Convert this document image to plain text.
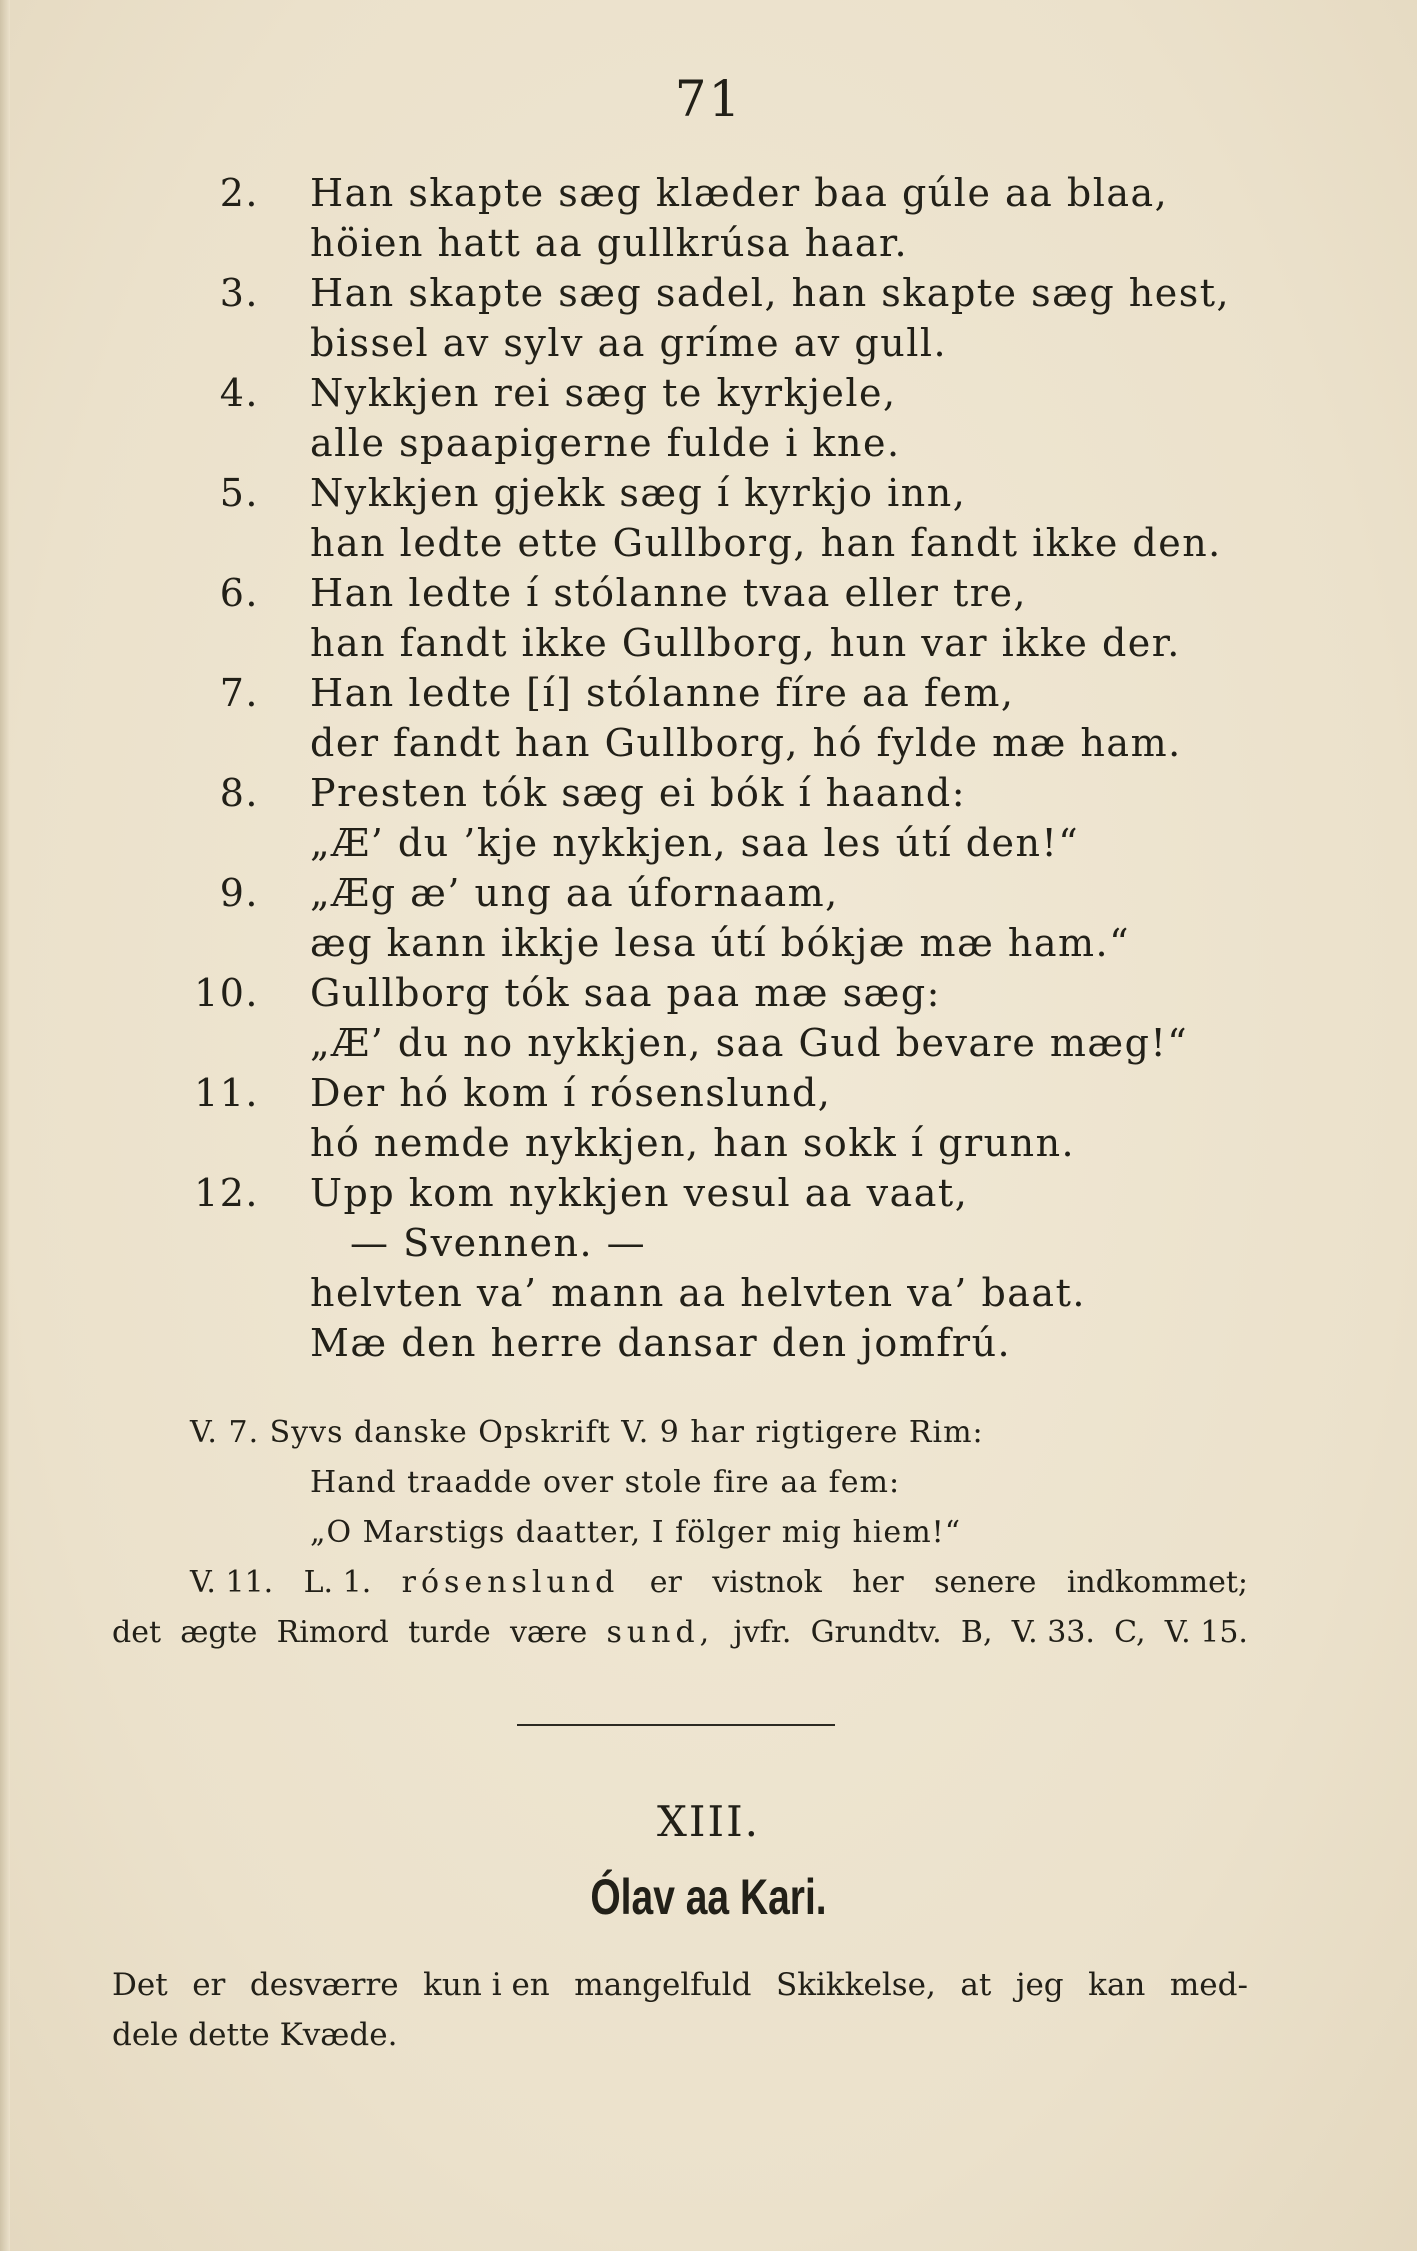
71
2. Han skapte sæg klæder baa gúle aa blaa,
höien hatt aa gullkrúsa haar.
3. Han skapte sæg sadel, han skapte sæg hest,
bissel av sylv aa gríme av gull.
4. Nykkjen rei sæg te kyrkjele,
alle spaapigerne fulde i kne.
5. Nykkjen gjekk sæg í kyrkjo inn,
han ledte ette Gullborg, han fandt ikke den.
6. Han ledte í stólanne tvaa eller tre,
han fandt ikke Gullborg, hun var ikke der.
7. Han ledte [í] stólanne fíre aa fem,
der fandt han Gullborg, hó fylde mæ ham.
8. Presten tók sæg ei bók í haand:
„Æ’ du ’kje nykkjen, saa les útí den!“
9. „Æg æ’ ung aa úfornaam,
æg kann ikkje lesa útí bókjæ mæ ham.“
10. Gullborg tók saa paa mæ sæg:
„Æ’ du no nykkjen, saa Gud bevare mæg!“
11. Der hó kom í rósenslund,
hó nemde nykkjen, han sokk í grunn.
12. Upp kom nykkjen vesul aa vaat,
— Svennen. —
helvten va’ mann aa helvten va’ baat.
Mæ den herre dansar den jomfrú.
V. 7. Syvs danske Opskrift V. 9 har rigtigere Rim:
Hand traadde over stole fire aa fem:
„O Marstigs daatter, I fölger mig hiem!“
V. 11. L. 1. rósenslund er vistnok her senere indkommet;
det ægte Rimord turde være sund, jvfr. Grundtv. B, V. 33. C, V. 15.
XIII.
Ólav aa Kari.
Det er desværre kun i en mangelfuld Skikkelse, at jeg kan med-
dele dette Kvæde.
